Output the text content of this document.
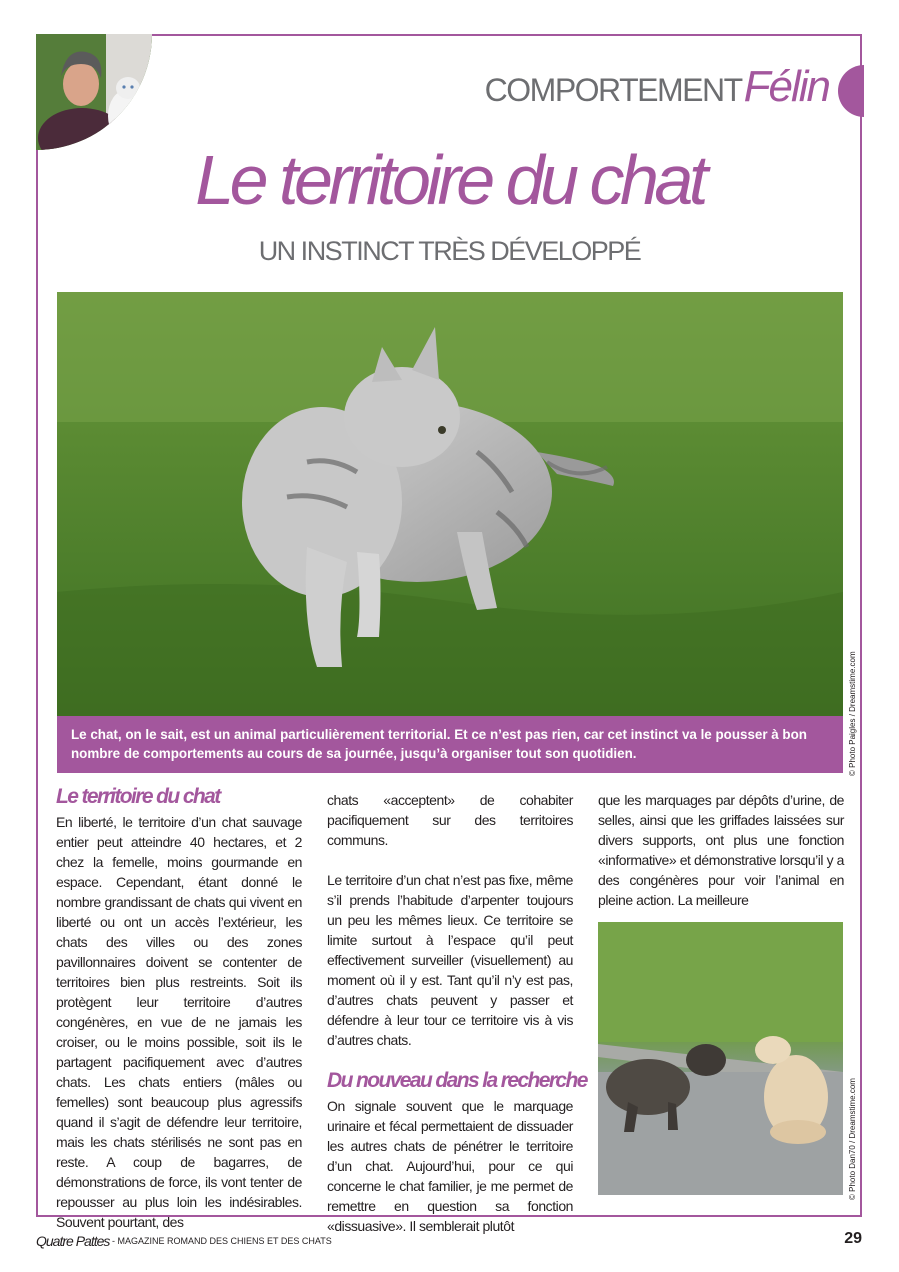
COMPORTEMENT Félin
Le territoire du chat
UN INSTINCT TRÈS DÉVELOPPÉ
Le chat, on le sait, est un animal particulièrement territorial. Et ce n’est pas rien, car cet instinct va le pousser à bon nombre de comportements au cours de sa journée, jusqu’à organiser tout son quotidien.	© Photo Paigles / Dreamstime.com
Le territoire du chat

En liberté, le territoire d’un chat sauvage entier peut atteindre 40 hectares, et 2 chez la femelle, moins gourmande en espace. Cependant, étant donné le nombre grandissant de chats qui vivent en liberté ou ont un accès l’extérieur, les chats des villes ou des zones pavillonnaires doivent se contenter de territoires bien plus restreints. Soit ils protègent leur territoire d’autres congénères, en vue de ne jamais les croiser, ou le moins possible, soit ils le partagent pacifiquement avec d’autres chats. Les chats entiers (mâles ou femelles) sont beaucoup plus agressifs quand il s’agit de défendre leur territoire, mais les chats stérilisés ne sont pas en reste. A coup de bagarres, de démonstrations de force, ils vont tenter de repousser au plus loin les indésirables. Souvent pourtant, des

chats «acceptent» de cohabiter pacifiquement sur des territoires communs.

Le territoire d’un chat n’est pas fixe, même s’il prends l’habitude d’arpenter toujours un peu les mêmes lieux. Ce territoire se limite surtout à l’espace qu’il peut effectivement surveiller (visuellement) au moment où il y est. Tant qu’il n’y est pas, d’autres chats peuvent y passer et défendre à leur tour ce territoire vis à vis d’autres chats.

Du nouveau dans la recherche

On signale souvent que le marquage urinaire et fécal permettaient de dissuader les autres chats de pénétrer le territoire d’un chat. Aujourd’hui, pour ce qui concerne le chat familier, je me permet de remettre en question sa fonction «dissuasive». Il semblerait plutôt

que les marquages par dépôts d’urine, de selles, ainsi que les griffades laissées sur divers supports, ont plus une fonction «informative» et démonstrative lorsqu’il y a des congénères pour voir l’animal en pleine action. La meilleure

© Photo Dan70 / Dreamstime.com
Quatre Pattes - MAGAZINE ROMAND DES CHIENS ET DES CHATS	29
